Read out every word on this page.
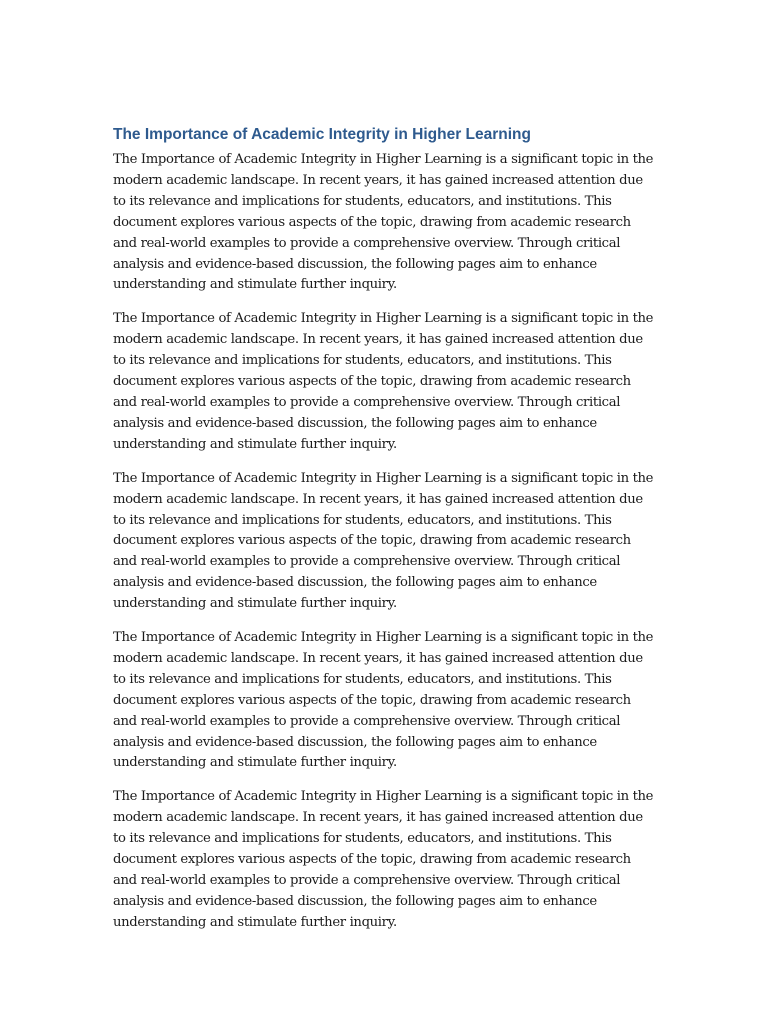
The Importance of Academic Integrity in Higher Learning

The Importance of Academic Integrity in Higher Learning is a significant topic in the
modern academic landscape. In recent years, it has gained increased attention due
to its relevance and implications for students, educators, and institutions. This
document explores various aspects of the topic, drawing from academic research
and real-world examples to provide a comprehensive overview. Through critical
analysis and evidence-based discussion, the following pages aim to enhance
understanding and stimulate further inquiry.

The Importance of Academic Integrity in Higher Learning is a significant topic in the
modern academic landscape. In recent years, it has gained increased attention due
to its relevance and implications for students, educators, and institutions. This
document explores various aspects of the topic, drawing from academic research
and real-world examples to provide a comprehensive overview. Through critical
analysis and evidence-based discussion, the following pages aim to enhance
understanding and stimulate further inquiry.

The Importance of Academic Integrity in Higher Learning is a significant topic in the
modern academic landscape. In recent years, it has gained increased attention due
to its relevance and implications for students, educators, and institutions. This
document explores various aspects of the topic, drawing from academic research
and real-world examples to provide a comprehensive overview. Through critical
analysis and evidence-based discussion, the following pages aim to enhance
understanding and stimulate further inquiry.

The Importance of Academic Integrity in Higher Learning is a significant topic in the
modern academic landscape. In recent years, it has gained increased attention due
to its relevance and implications for students, educators, and institutions. This
document explores various aspects of the topic, drawing from academic research
and real-world examples to provide a comprehensive overview. Through critical
analysis and evidence-based discussion, the following pages aim to enhance
understanding and stimulate further inquiry.

The Importance of Academic Integrity in Higher Learning is a significant topic in the
modern academic landscape. In recent years, it has gained increased attention due
to its relevance and implications for students, educators, and institutions. This
document explores various aspects of the topic, drawing from academic research
and real-world examples to provide a comprehensive overview. Through critical
analysis and evidence-based discussion, the following pages aim to enhance
understanding and stimulate further inquiry.
